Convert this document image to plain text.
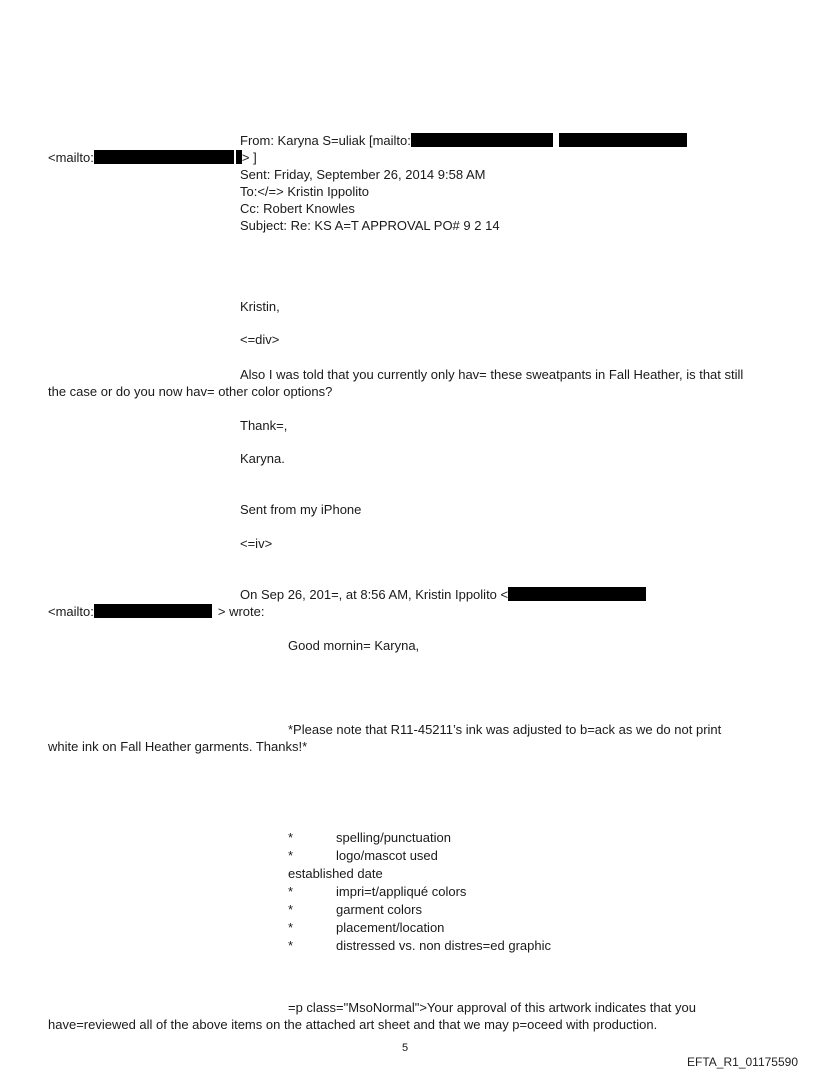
From: Karyna S=uliak [mailto:
<mailto:	> ]
Sent: Friday, September 26, 2014 9:58 AM
To:</=> Kristin Ippolito
Cc: Robert Knowles
Subject: Re: KS A=T APPROVAL PO# 9 2 14
Kristin,
<=div>
Also I was told that you currently only hav= these sweatpants in Fall Heather, is that still
the case or do you now hav= other color options?
Thank=,
Karyna.
Sent from my iPhone
<=iv>
On Sep 26, 201=, at 8:56 AM, Kristin Ippolito <
<mailto:	> wrote:
Good mornin= Karyna,
*Please note that R11-45211’s ink was adjusted to b=ack as we do not print
white ink on Fall Heather garments. Thanks!*
*	spelling/punctuation
*	logo/mascot used
established date
*	impri=t/appliqué colors
*	garment colors
*	placement/location
*	distressed vs. non distres=ed graphic
=p class="MsoNormal">Your approval of this artwork indicates that you
have=reviewed all of the above items on the attached art sheet and that we may p=oceed with production.
5
EFTA_R1_01175590
